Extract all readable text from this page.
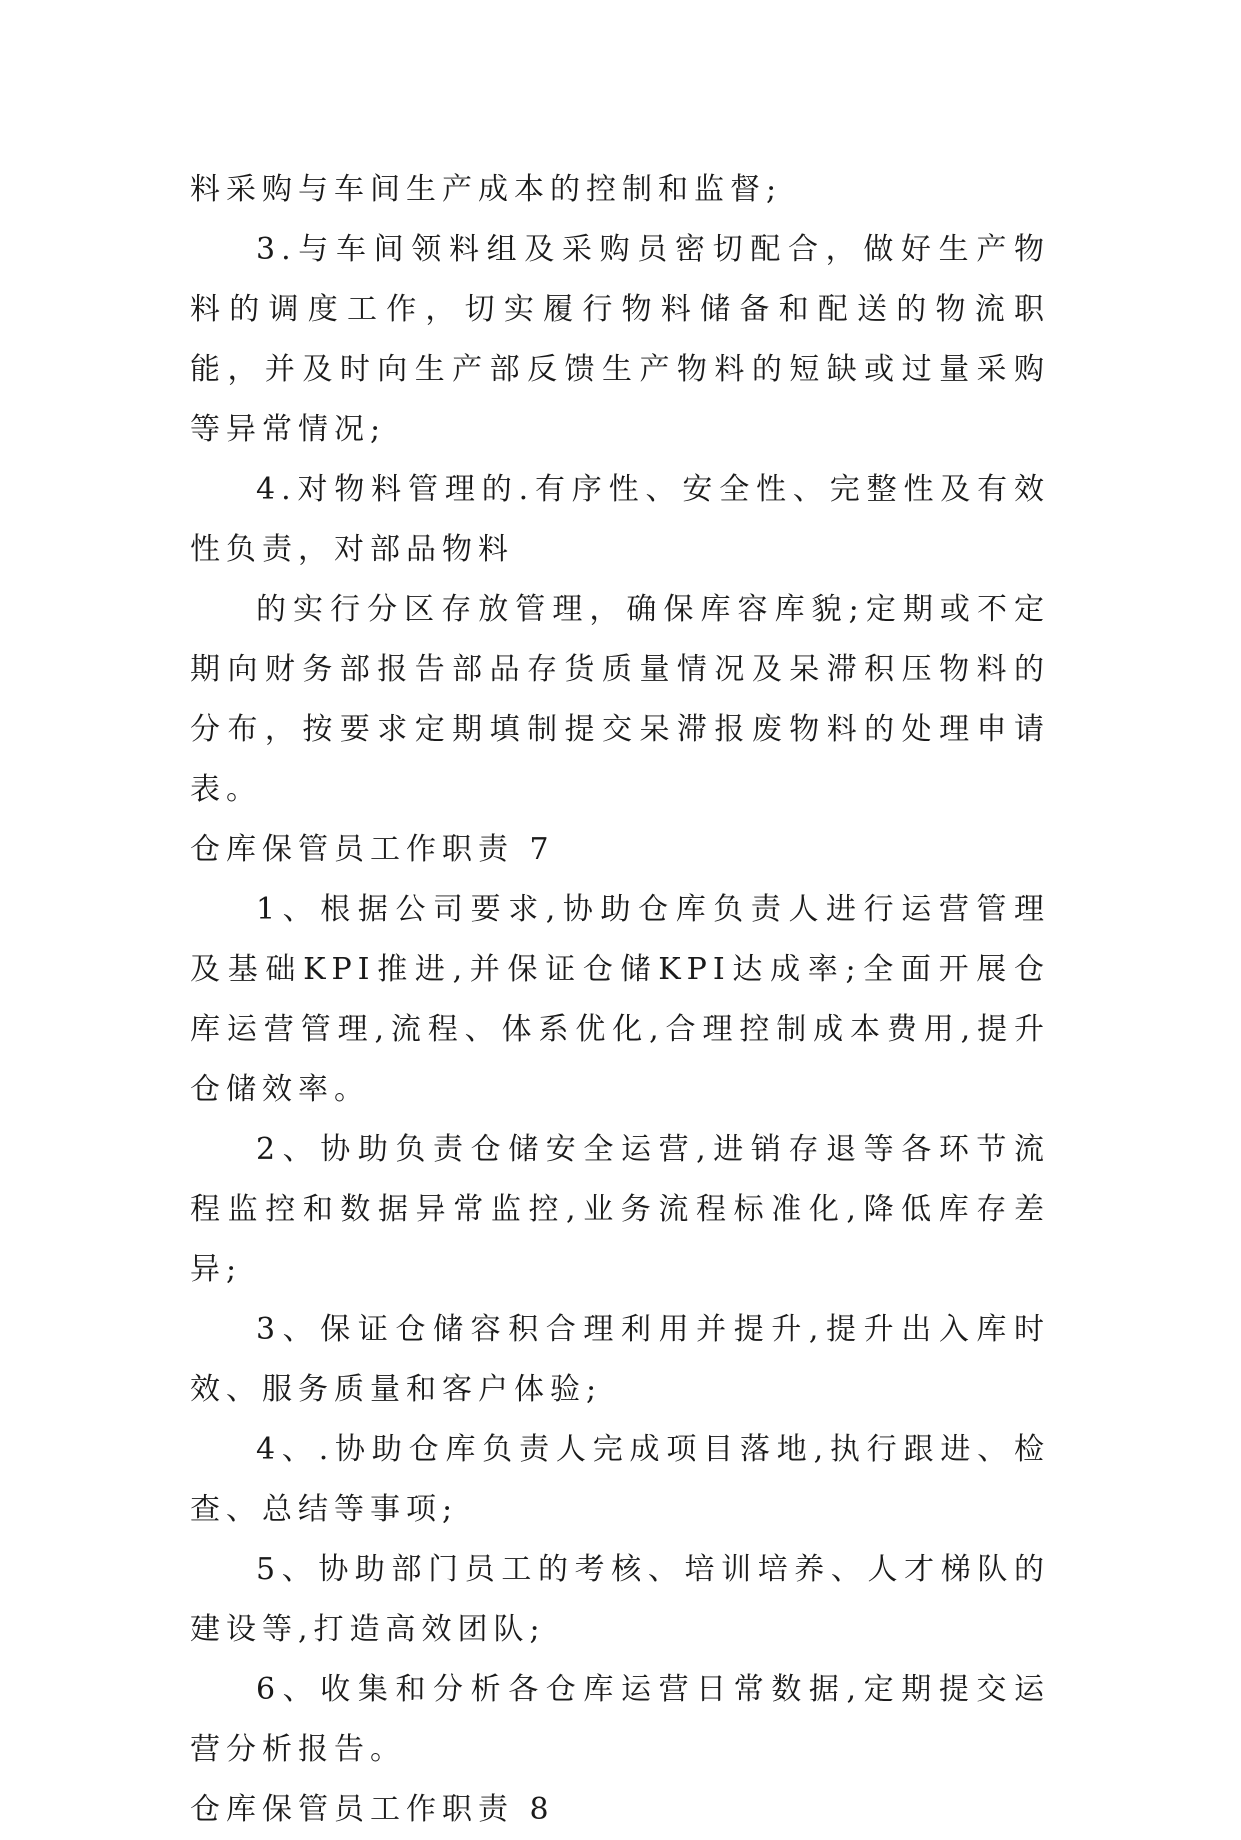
料采购与车间生产成本的控制和监督;

3.与车间领料组及采购员密切配合，做好生产物料的调度工作，切实履行物料储备和配送的物流职能，并及时向生产部反馈生产物料的短缺或过量采购等异常情况;

4.对物料管理的.有序性、安全性、完整性及有效性负责，对部品物料

的实行分区存放管理，确保库容库貌;定期或不定期向财务部报告部品存货质量情况及呆滞积压物料的分布，按要求定期填制提交呆滞报废物料的处理申请表。

仓库保管员工作职责 7

1、根据公司要求,协助仓库负责人进行运营管理及基础KPI推进,并保证仓储KPI达成率;全面开展仓库运营管理,流程、体系优化,合理控制成本费用,提升仓储效率。

2、协助负责仓储安全运营,进销存退等各环节流程监控和数据异常监控,业务流程标准化,降低库存差异;

3、保证仓储容积合理利用并提升,提升出入库时效、服务质量和客户体验;

4、.协助仓库负责人完成项目落地,执行跟进、检查、总结等事项;

5、协助部门员工的考核、培训培养、人才梯队的建设等,打造高效团队;

6、收集和分析各仓库运营日常数据,定期提交运营分析报告。

仓库保管员工作职责 8
